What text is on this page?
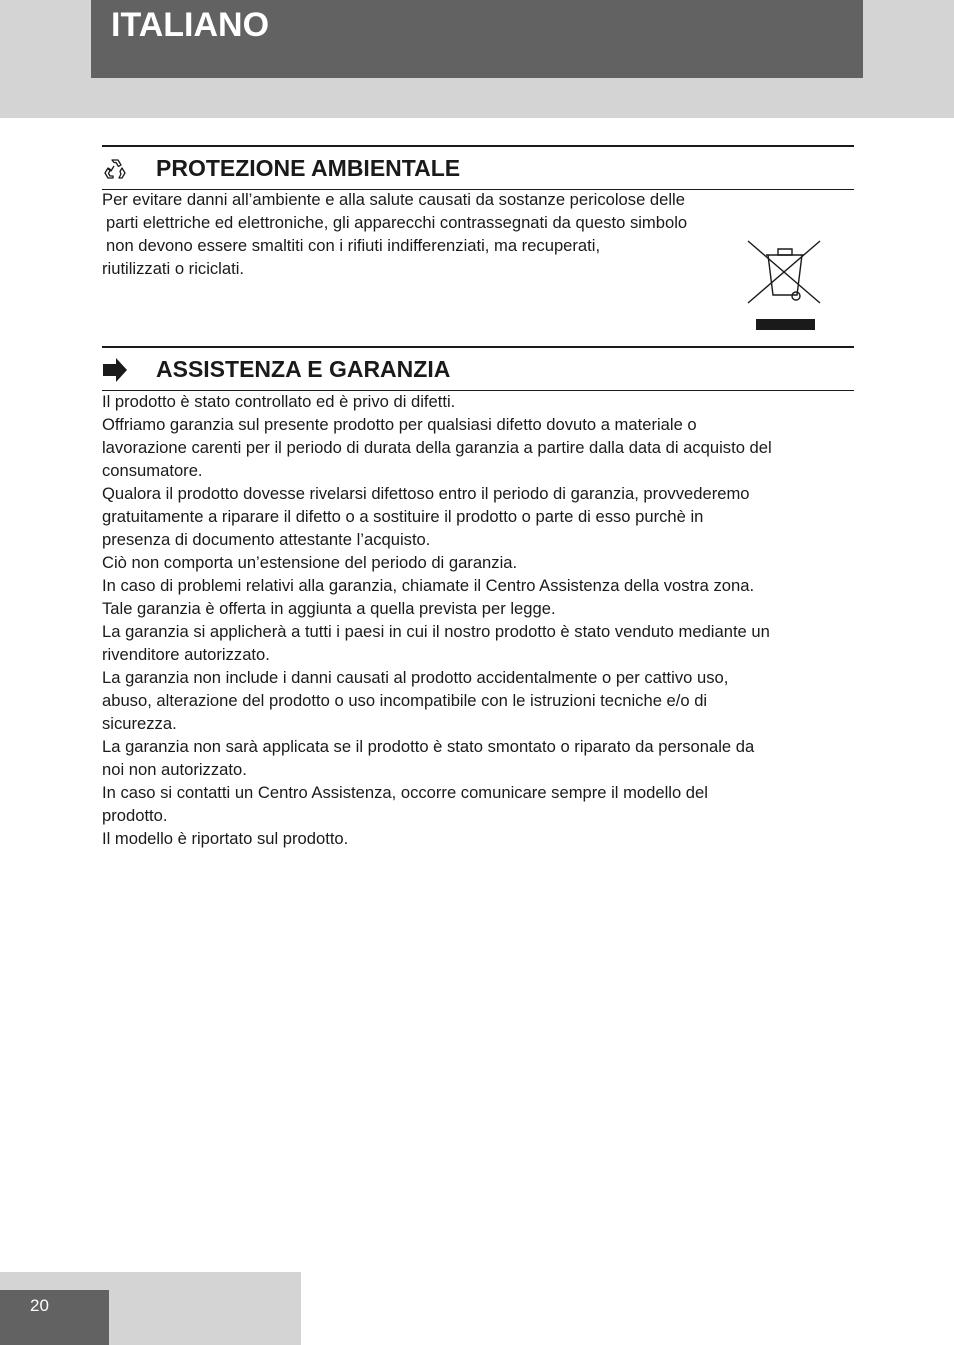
ITALIANO
PROTEZIONE AMBIENTALE

Per evitare danni all’ambiente e alla salute causati da sostanze pericolose delle

parti elettriche ed elettroniche, gli apparecchi contrassegnati da questo simbolo

non devono essere smaltiti con i rifiuti indifferenziati, ma recuperati,

riutilizzati o riciclati.

ASSISTENZA E GARANZIA

Il prodotto è stato controllato ed è privo di difetti.

Offriamo garanzia sul presente prodotto per qualsiasi difetto dovuto a materiale o

lavorazione carenti per il periodo di durata della garanzia a partire dalla data di acquisto del

consumatore.

Qualora il prodotto dovesse rivelarsi difettoso entro il periodo di garanzia, provvederemo

gratuitamente a riparare il difetto o a sostituire il prodotto o parte di esso purchè in

presenza di documento attestante l’acquisto.

Ciò non comporta un’estensione del periodo di garanzia.

In caso di problemi relativi alla garanzia, chiamate il Centro Assistenza della vostra zona.

Tale garanzia è offerta in aggiunta a quella prevista per legge.

La garanzia si applicherà a tutti i paesi in cui il nostro prodotto è stato venduto mediante un

rivenditore autorizzato.

La garanzia non include i danni causati al prodotto accidentalmente o per cattivo uso,

abuso, alterazione del prodotto o uso incompatibile con le istruzioni tecniche e/o di

sicurezza.

La garanzia non sarà applicata se il prodotto è stato smontato o riparato da personale da

noi non autorizzato.

In caso si contatti un Centro Assistenza, occorre comunicare sempre il modello del

prodotto.

Il modello è riportato sul prodotto.

20
